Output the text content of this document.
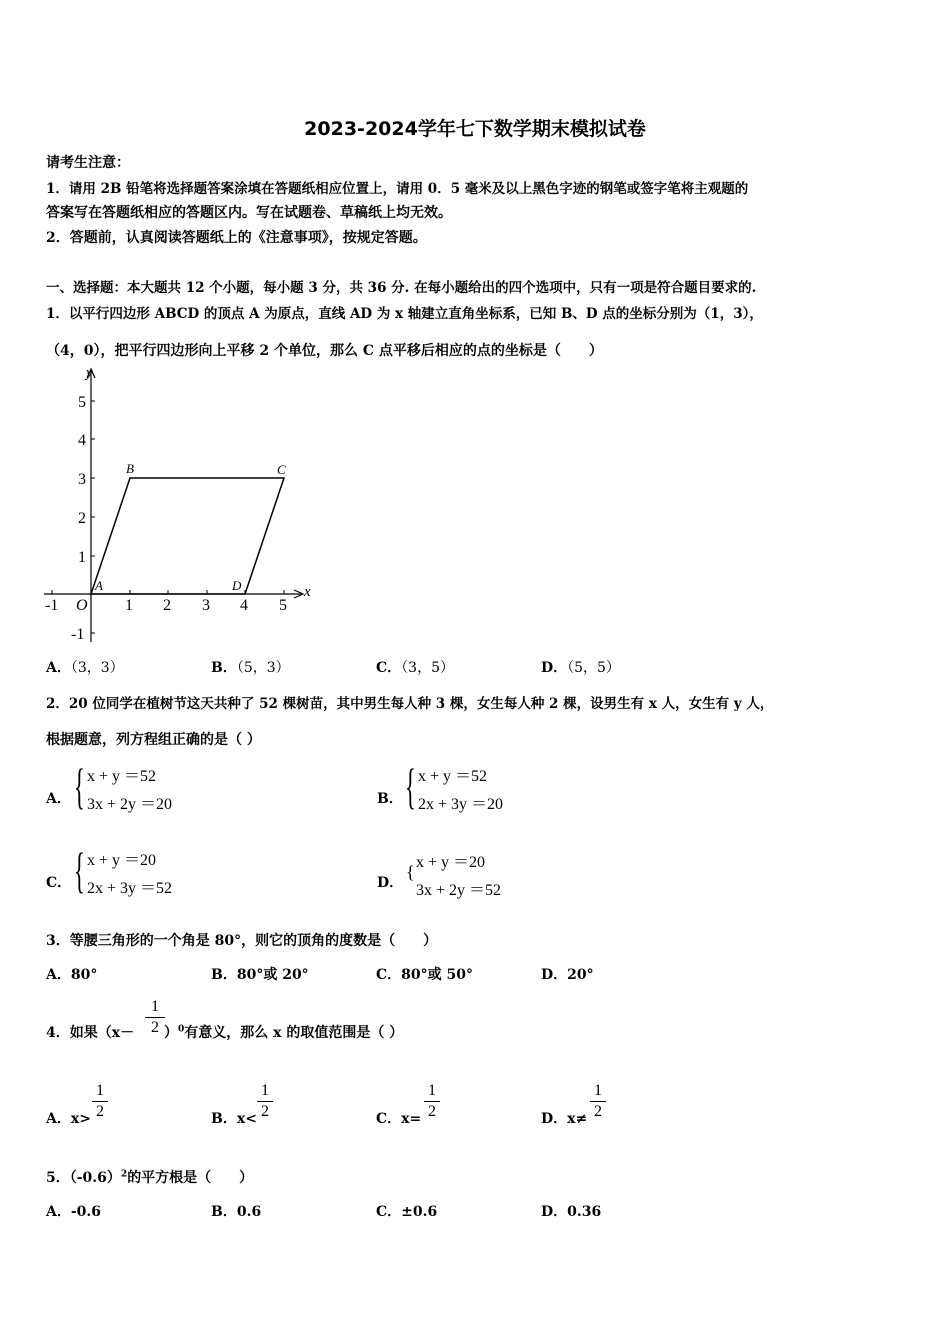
2023-2024学年七下数学期末模拟试卷
请考生注意：
1．请用 2B 铅笔将选择题答案涂填在答题纸相应位置上，请用 0．5 毫米及以上黑色字迹的钢笔或签字笔将主观题的
答案写在答题纸相应的答题区内。写在试题卷、草稿纸上均无效。
2．答题前，认真阅读答题纸上的《注意事项》，按规定答题。
一、选择题：本大题共 12 个小题，每小题 3 分，共 36 分. 在每小题给出的四个选项中，只有一项是符合题目要求的.
1．以平行四边形 ABCD 的顶点 A 为原点，直线 AD 为 x 轴建立直角坐标系，已知 B、D 点的坐标分别为（1，3），
（4，0），把平行四边形向上平移 2 个单位，那么 C 点平移后相应的点的坐标是（　　）
x
y
O
-1	1 2 3 4 5
-1
1
2
3
4
5
A
B	C
D
A．（3，3）	B．（5，3）	C．（3，5）	D．（5，5）
2．20 位同学在植树节这天共种了 52 棵树苗，其中男生每人种 3 棵，女生每人种 2 棵，设男生有 x 人，女生有 y 人，
根据题意，列方程组正确的是（ ）
A． { x + y ＝52
3x + 2y ＝20	B． { x + y ＝52
2x + 3y ＝20
C． { x + y ＝20
2x + 3y ＝52	D．
{ x + y ＝20
3x + 2y ＝52
3．等腰三角形的一个角是 80°，则它的顶角的度数是（　　）
A．80°	B．80°或 20°	C．80°或 50°	D．20°
4．如果（x－
1
2 ）$^0$有意义，那么 x 的取值范围是（ ）
A．x>
1
2	B．x<
1
2	C．x=
1
2	D．x≠
1
2
5．$(-0.6)^2$的平方根是（　　）
A．-0.6	B．0.6	C．±0.6	D．0.36
